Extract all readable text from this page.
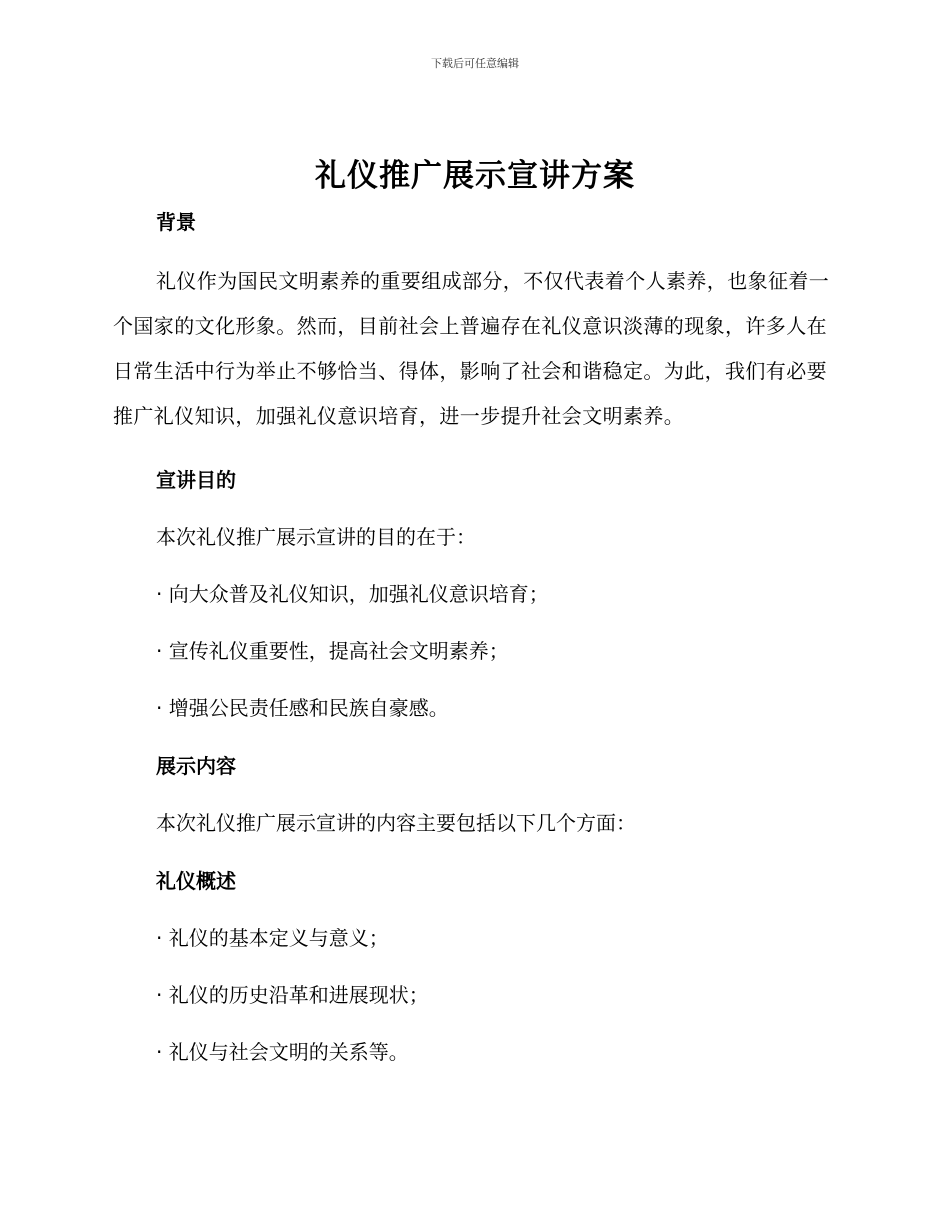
下载后可任意编辑
礼仪推广展示宣讲方案
背景
礼仪作为国民文明素养的重要组成部分，不仅代表着个人素养，也象征着一个国家的文化形象。然而，目前社会上普遍存在礼仪意识淡薄的现象，许多人在日常生活中行为举止不够恰当、得体，影响了社会和谐稳定。为此，我们有必要推广礼仪知识，加强礼仪意识培育，进一步提升社会文明素养。
宣讲目的
本次礼仪推广展示宣讲的目的在于：
· 向大众普及礼仪知识，加强礼仪意识培育；
· 宣传礼仪重要性，提高社会文明素养；
· 增强公民责任感和民族自豪感。
展示内容
本次礼仪推广展示宣讲的内容主要包括以下几个方面：
礼仪概述
· 礼仪的基本定义与意义；
· 礼仪的历史沿革和进展现状；
· 礼仪与社会文明的关系等。
